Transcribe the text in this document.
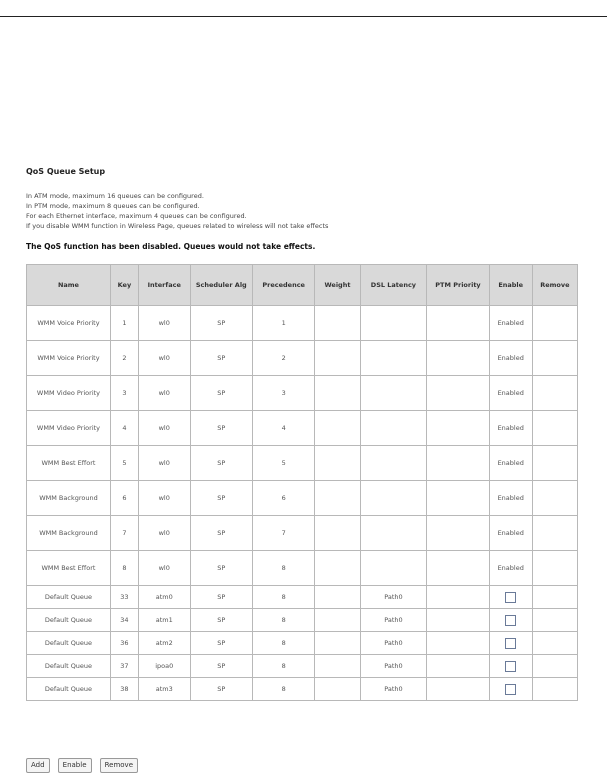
QoS Queue Setup

In ATM mode, maximum 16 queues can be configured.

In PTM mode, maximum 8 queues can be configured.

For each Ethernet interface, maximum 4 queues can be configured.

If you disable WMM function in Wireless Page, queues related to wireless will not take effects

The QoS function has been disabled. Queues would not take effects.
Name	Key	Interface	Scheduler Alg	Precedence	Weight	DSL Latency	PTM Priority	Enable	Remove
WMM Voice Priority	1	wl0	SP	1				Enabled	
WMM Voice Priority	2	wl0	SP	2				Enabled	
WMM Video Priority	3	wl0	SP	3				Enabled	
WMM Video Priority	4	wl0	SP	4				Enabled	
WMM Best Effort	5	wl0	SP	5				Enabled	
WMM Background	6	wl0	SP	6				Enabled	
WMM Background	7	wl0	SP	7				Enabled	
WMM Best Effort	8	wl0	SP	8				Enabled	
Default Queue	33	atm0	SP	8		Path0			
Default Queue	34	atm1	SP	8		Path0			
Default Queue	36	atm2	SP	8		Path0			
Default Queue	37	ipoa0	SP	8		Path0			
Default Queue	38	atm3	SP	8		Path0			
Add	Enable	Remove
